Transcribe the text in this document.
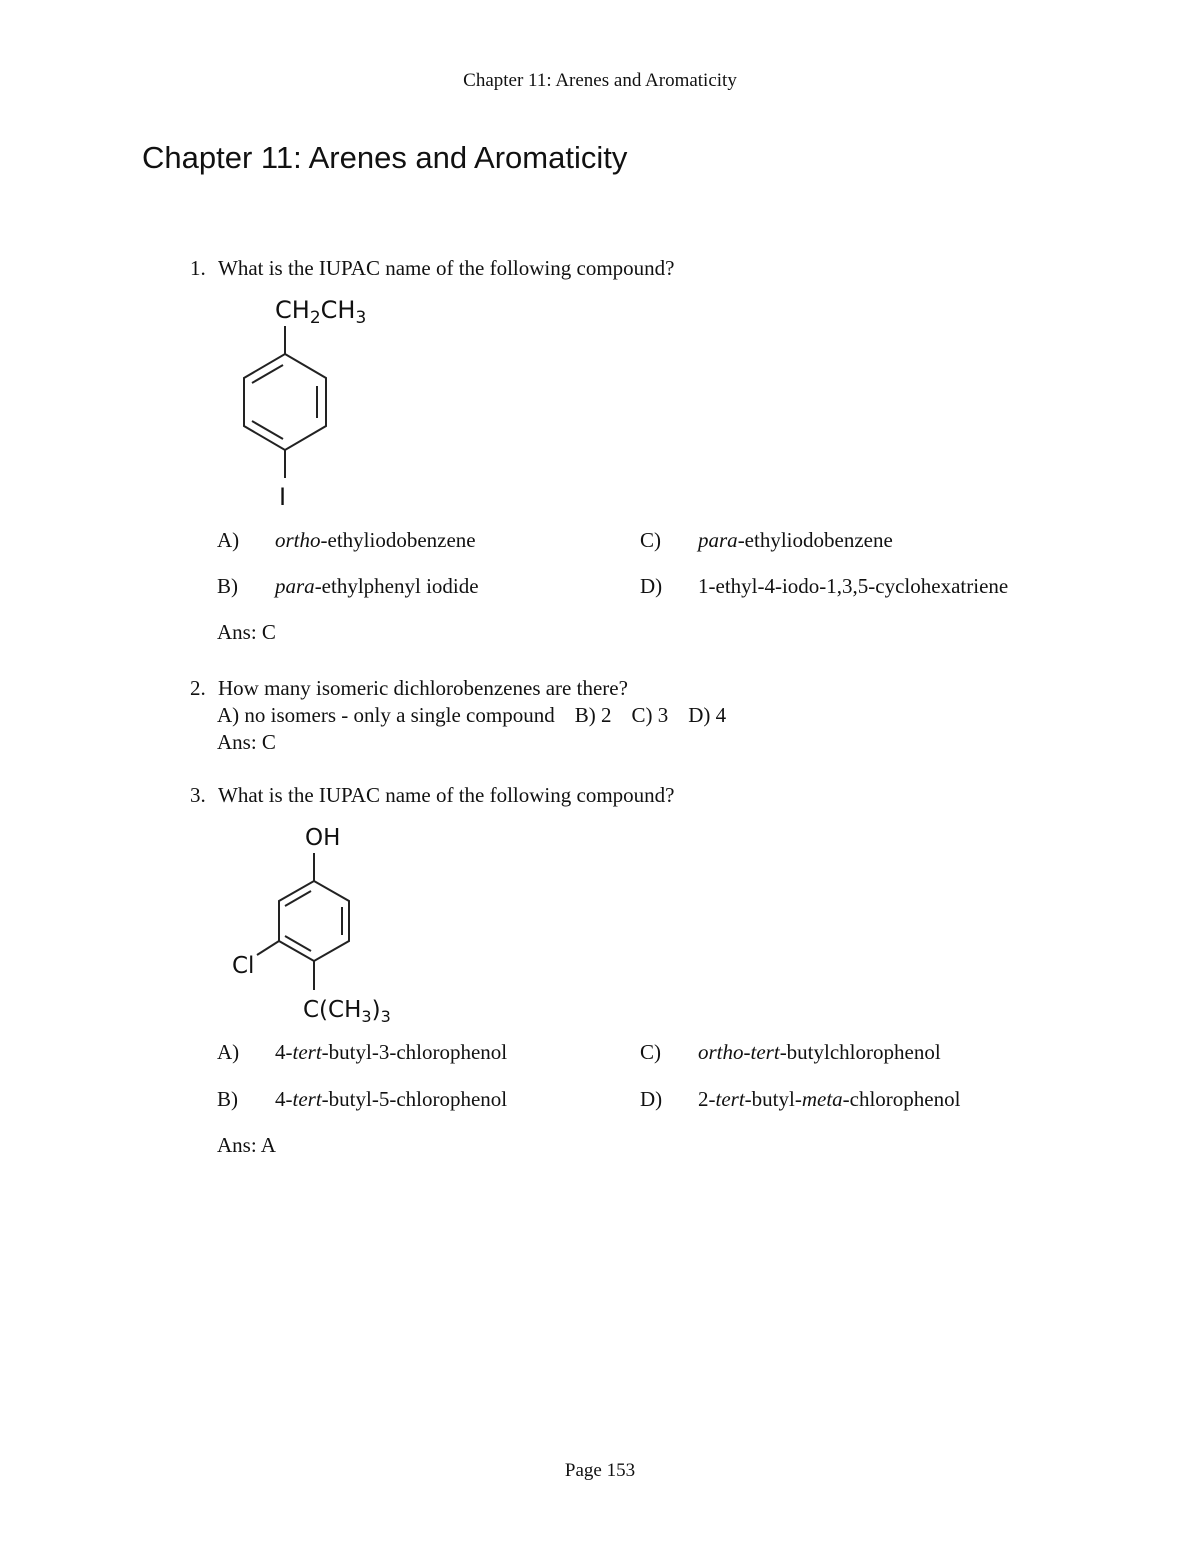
Chapter 11: Arenes and Aromaticity
Chapter 11: Arenes and Aromaticity
1. What is the IUPAC name of the following compound?
$CH_2CH_3$
I
A) ortho-ethyliodobenzene	C) para-ethyliodobenzene
B) para-ethylphenyl iodide	D) 1-ethyl-4-iodo-1,3,5-cyclohexatriene
Ans: C
2. How many isomeric dichlorobenzenes are there?
A) no isomers - only a single compound B) 2 C) 3 D) 4
Ans: C
3. What is the IUPAC name of the following compound?
OH
Cl
$C(CH_3)_3$
A) 4-tert-butyl-3-chlorophenol	C) ortho-tert-butylchlorophenol
B) 4-tert-butyl-5-chlorophenol	D) 2-tert-butyl-meta-chlorophenol
Ans: A
Page 153
